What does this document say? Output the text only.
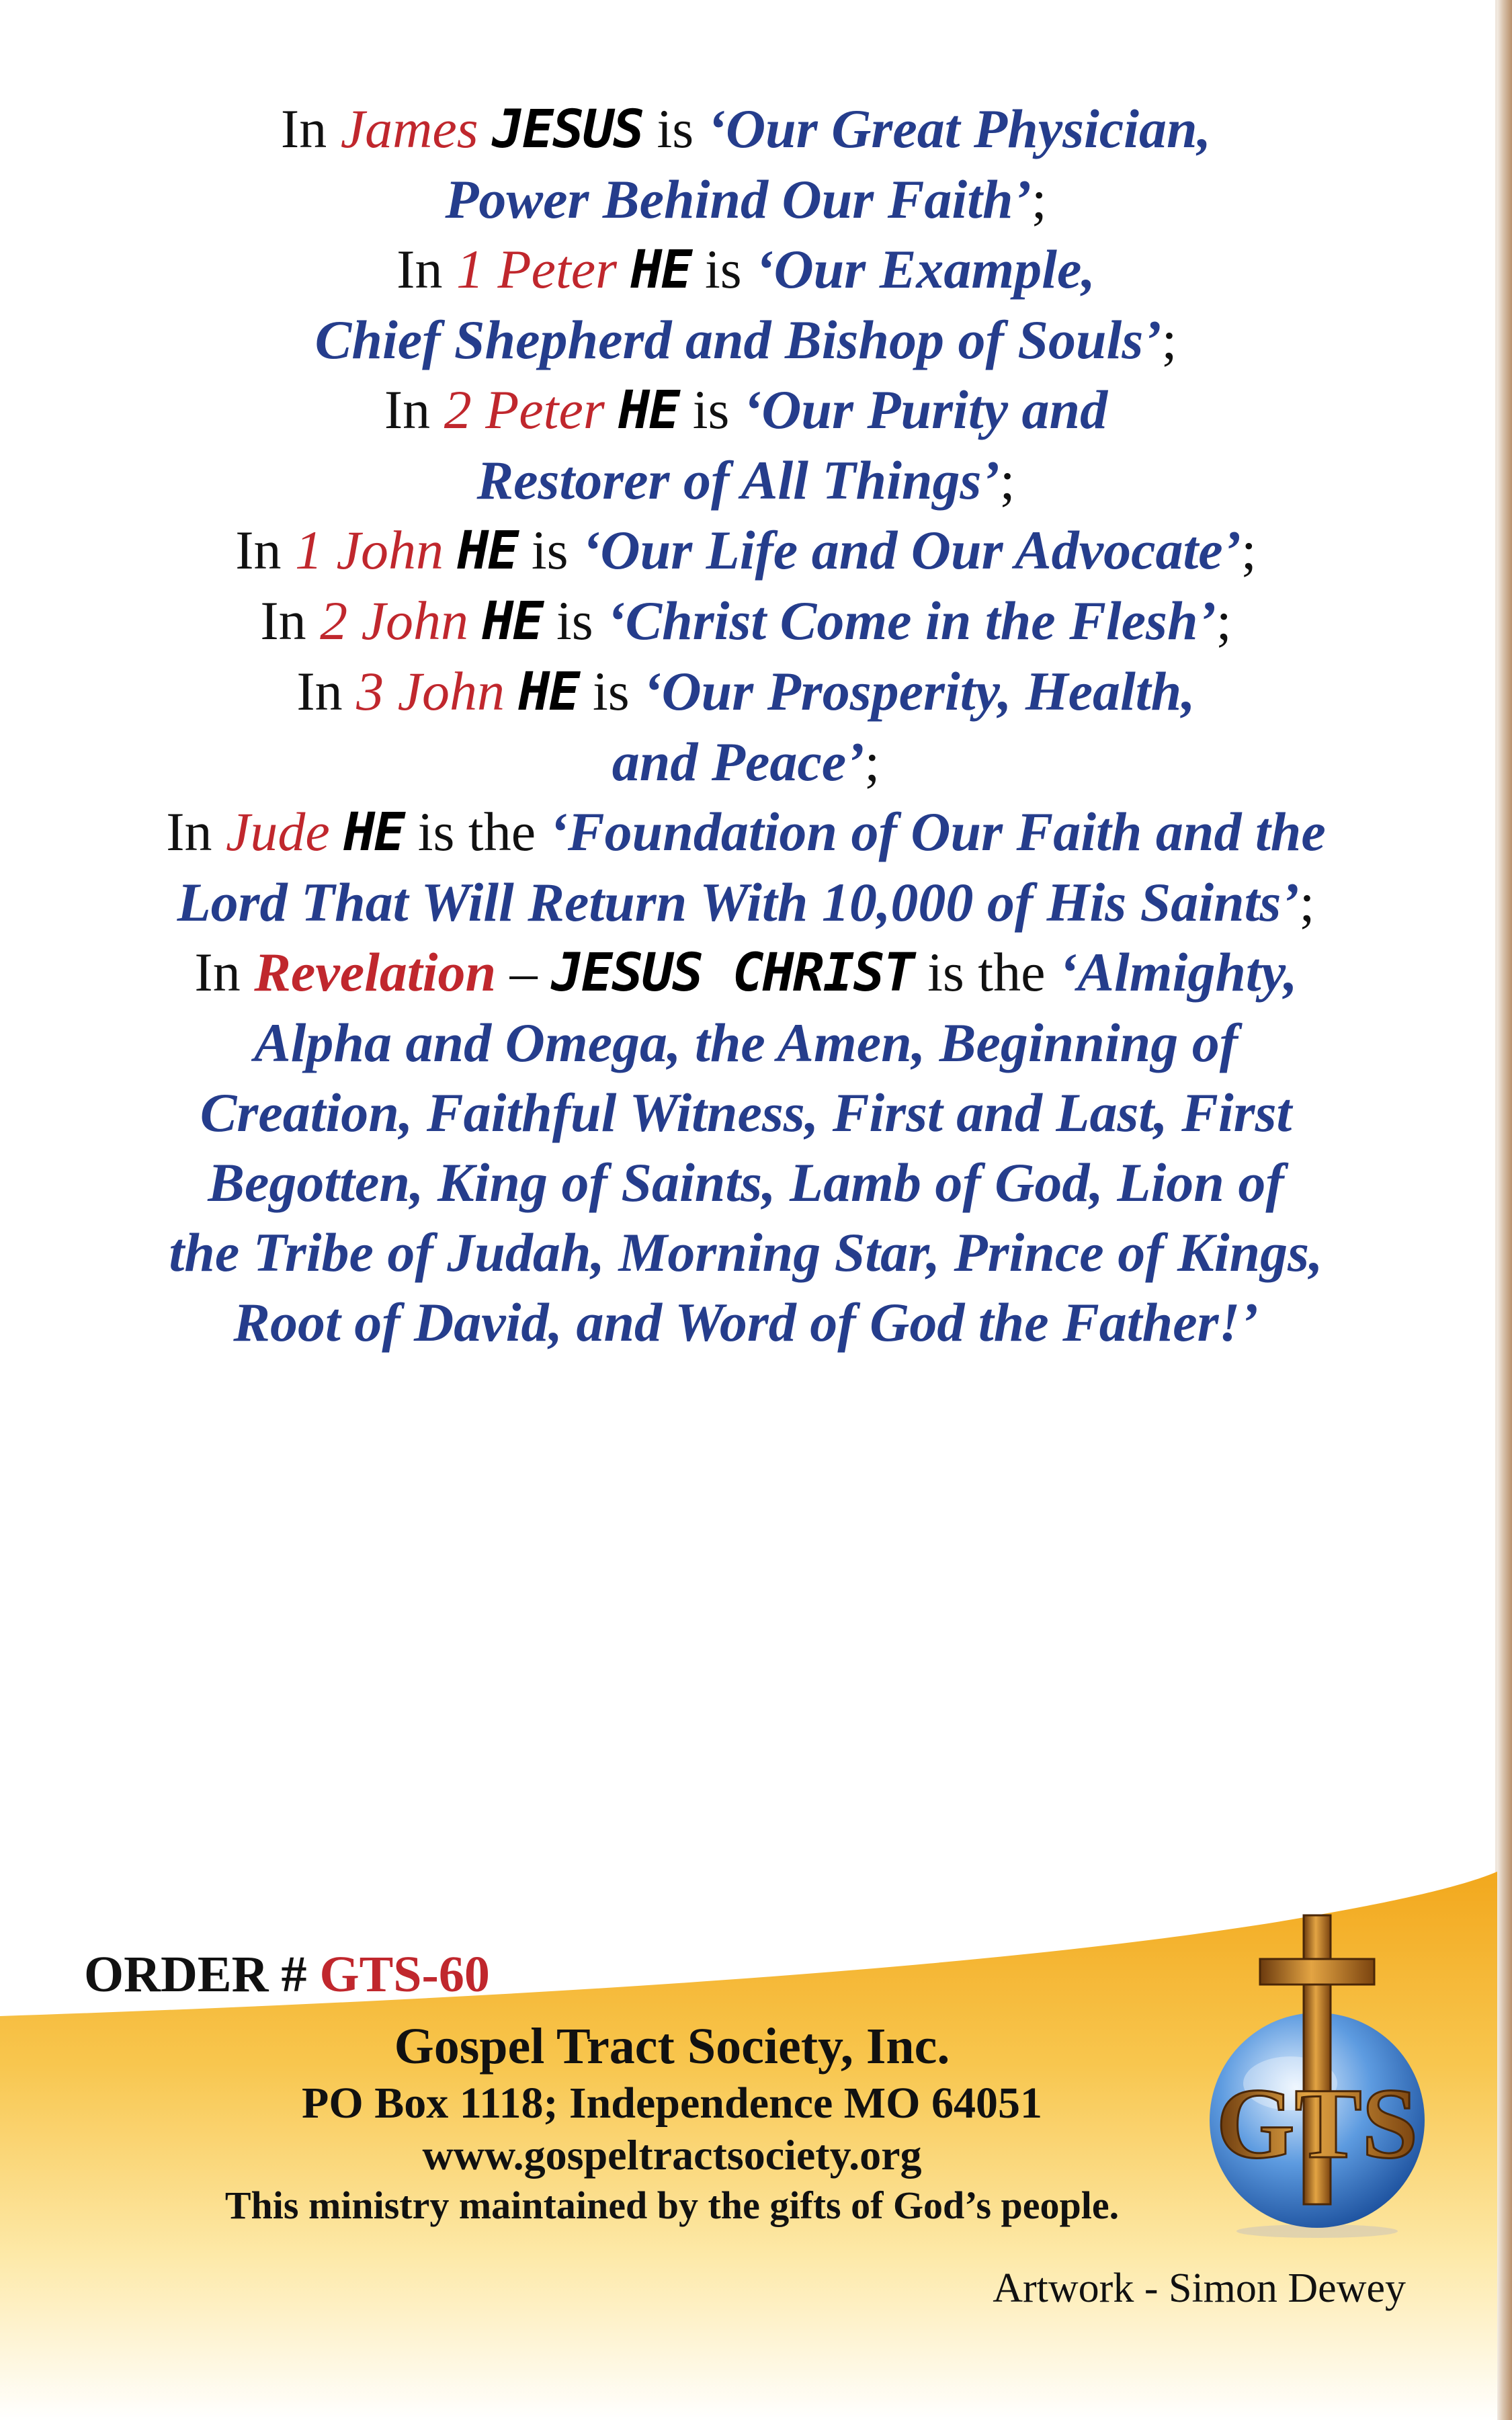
In James JESUS is ‘Our Great Physician,
Power Behind Our Faith’;
In 1 Peter HE is ‘Our Example,
Chief Shepherd and Bishop of Souls’;
In 2 Peter HE is ‘Our Purity and
Restorer of All Things’;
In 1 John HE is ‘Our Life and Our Advocate’;
In 2 John HE is ‘Christ Come in the Flesh’;
In 3 John HE is ‘Our Prosperity, Health,
and Peace’;
In Jude HE is the ‘Foundation of Our Faith and the
Lord That Will Return With 10,000 of His Saints’;
In Revelation – JESUS CHRIST is the ‘Almighty,
Alpha and Omega, the Amen, Beginning of
Creation, Faithful Witness, First and Last, First
Begotten, King of Saints, Lamb of God, Lion of
the Tribe of Judah, Morning Star, Prince of Kings,
Root of David, and Word of God the Father!’
ORDER # GTS-60
Gospel Tract Society, Inc.
PO Box 1118; Independence MO 64051
www.gospeltractsociety.org
This ministry maintained by the gifts of God’s people.
Artwork - Simon Dewey
GTS
